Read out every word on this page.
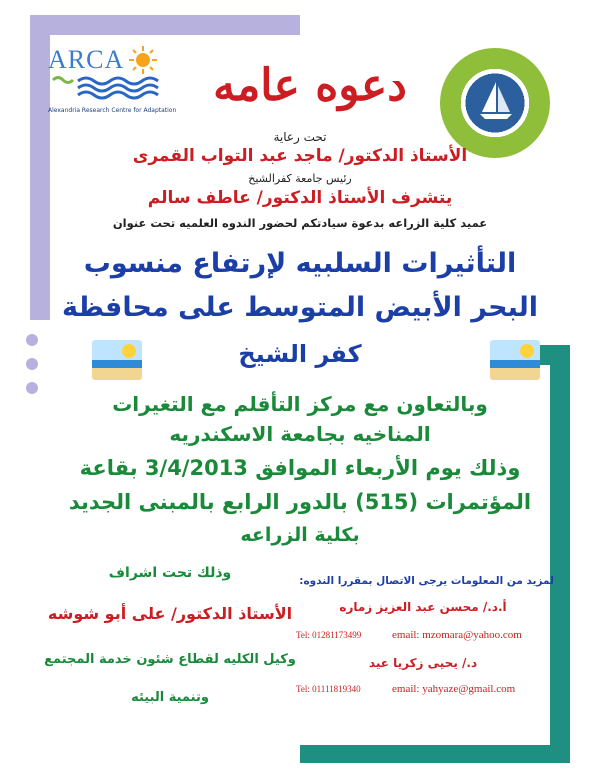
ARCA
Alexandria Research Centre for Adaptation دعوه عامه
تحت رعاية
الأستاذ الدكتور/ ماجد عبد التواب القمرى
رئيس جامعة كفرالشيخ
يتشرف الأستاذ الدكتور/ عاطف سالم
عميد كلية الزراعه بدعوة سيادتكم لحضور الندوه العلميه تحت عنوان
التأثيرات السلبيه لإرتفاع منسوب
البحر الأبيض المتوسط على محافظة
كفر الشيخ
وبالتعاون مع مركز التأقلم مع التغيرات
المناخيه بجامعة الاسكندريه
وذلك يوم الأربعاء الموافق 3/4/2013 بقاعة
المؤتمرات (515) بالدور الرابع بالمبنى الجديد
بكلية الزراعه
وذلك تحت اشراف
الأستاذ الدكتور/ على أبو شوشه
وكيل الكليه لقطاع شئون خدمة المجتمع
وتنمية البيئه
لمزيد من المعلومات يرجى الاتصال بمقررا الندوه:
أ.د./ محسن عبد العزيز زماره
Tel: 01281173499	email: mzomara@yahoo.com
د./ يحيى زكريا عيد
Tel: 01111819340	email: yahyaze@gmail.com
